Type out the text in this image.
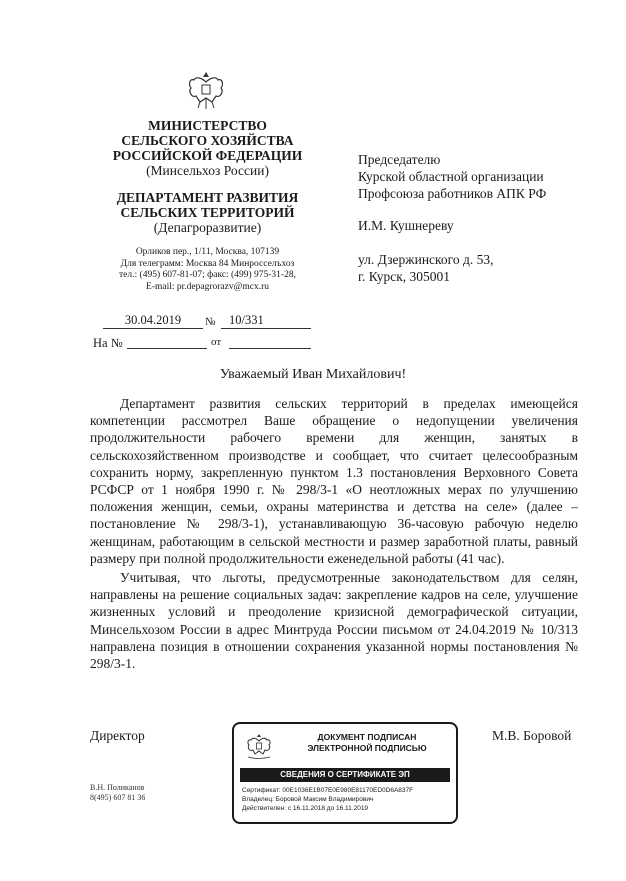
МИНИСТЕРСТВО
СЕЛЬСКОГО ХОЗЯЙСТВА
РОССИЙСКОЙ ФЕДЕРАЦИИ
(Минсельхоз России)
ДЕПАРТАМЕНТ РАЗВИТИЯ
СЕЛЬСКИХ ТЕРРИТОРИЙ
(Депагроразвитие)
Орликов пер., 1/11, Москва, 107139
Для телеграмм: Москва 84 Минросселъхоз
тел.: (495) 607-81-07; факс: (499) 975-31-28,
E-mail: pr.depagrorazv@mcx.ru
30.04.2019	№	10/331
На №	от
Председателю
Курской областной организации
Профсоюза работников АПК РФ
И.М. Кушнереву
ул. Дзержинского д. 53,
г. Курск, 305001
Уважаемый Иван Михайлович!

Департамент развития сельских территорий в пределах имеющейся компетенции рассмотрел Ваше обращение о недопущении увеличения продолжительности рабочего времени для женщин, занятых в сельскохозяйственном производстве и сообщает, что считает целесообразным сохранить норму, закрепленную пунктом 1.3 постановления Верховного Совета РСФСР от 1 ноября 1990 г. № 298/3-1 «О неотложных мерах по улучшению положения женщин, семьи, охраны материнства и детства на селе» (далее – постановление № 298/3-1), устанавливающую 36-часовую рабочую неделю женщинам, работающим в сельской местности и размер заработной платы, равный размеру при полной продолжительности еженедельной работы (41 час).

Учитывая, что льготы, предусмотренные законодательством для селян, направлены на решение социальных задач: закрепление кадров на селе, улучшение жизненных условий и преодоление кризисной демографической ситуации, Минсельхозом России в адрес Минтруда России письмом от 24.04.2019 № 10/313 направлена позиция в отношении сохранения указанной нормы постановления № 298/3-1.

Директор	М.В. Боровой
ДОКУМЕНТ ПОДПИСАН
ЭЛЕКТРОННОЙ ПОДПИСЬЮ
СВЕДЕНИЯ О СЕРТИФИКАТЕ ЭП
Сертификат: 00E1036E1B07E0E980E81170ED0D6A837F
Владелец: Боровой Максим Владимирович
Действителен: с 16.11.2018 до 16.11.2019
В.Н. Поликанов
8(495) 607 81 36
